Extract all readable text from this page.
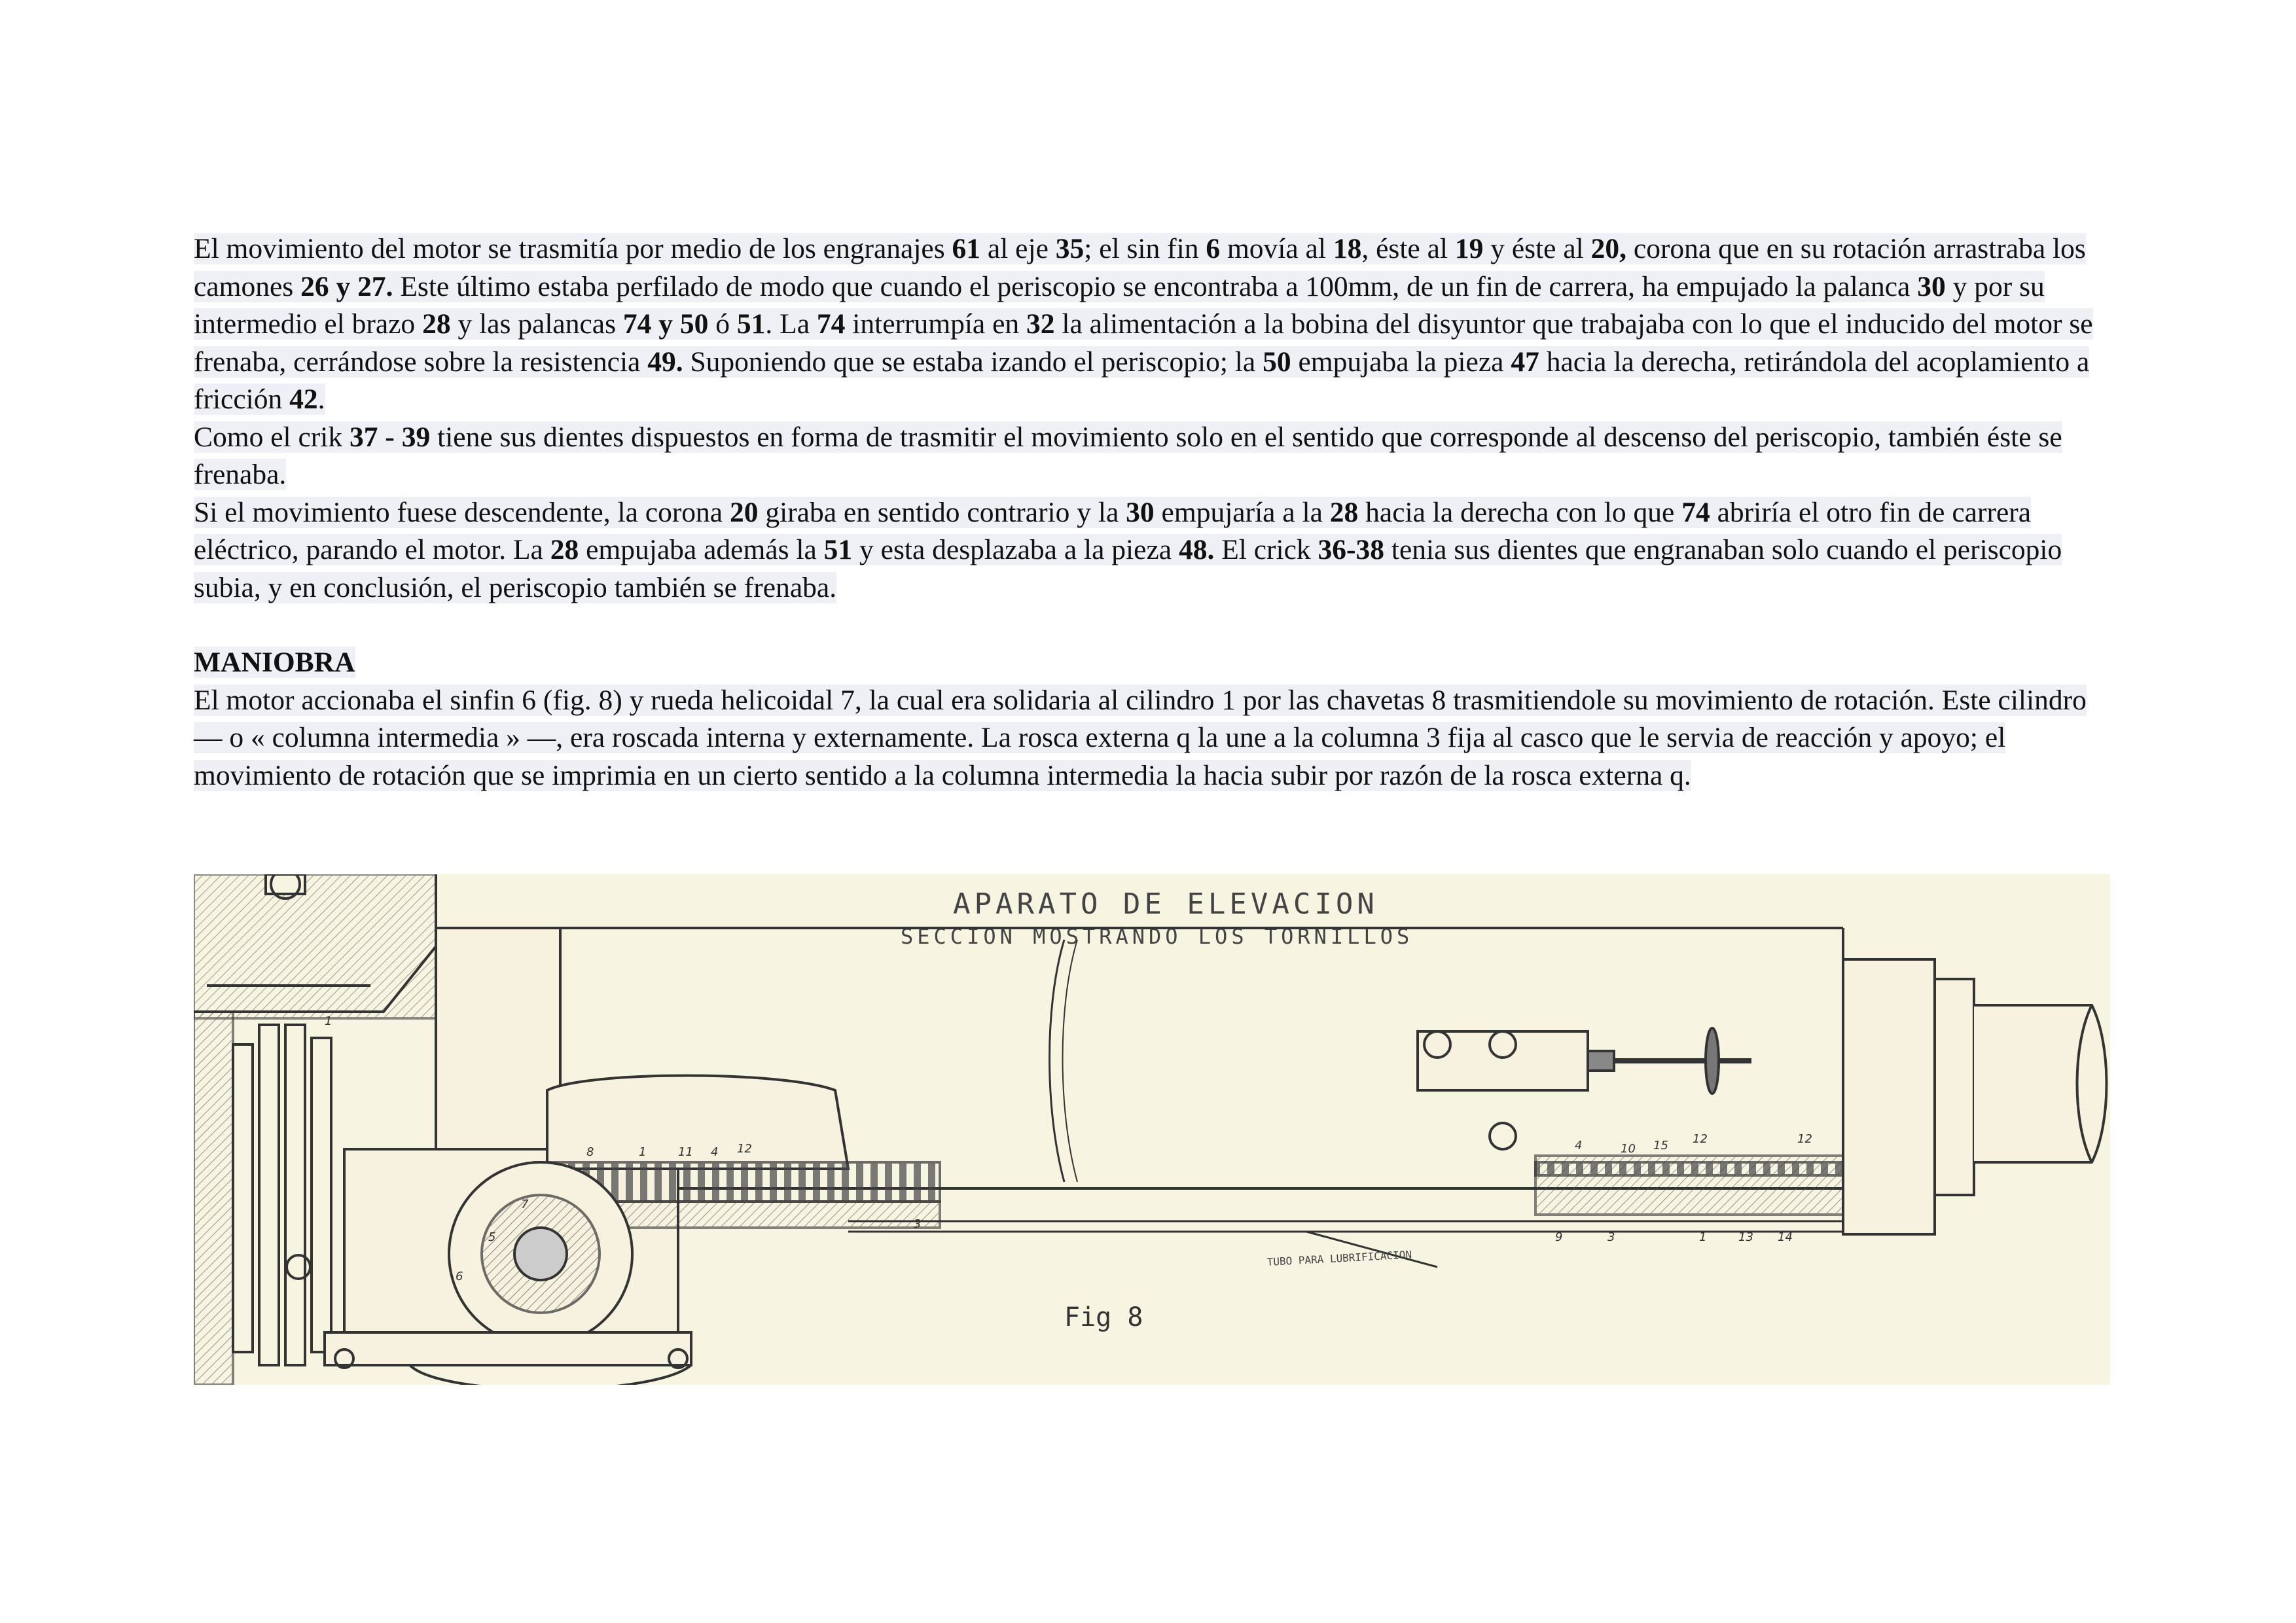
El movimiento del motor se trasmitía por medio de los engranajes 61 al eje 35; el sin fin 6 movía al 18, éste al 19 y éste al 20, corona que en su rotación arrastraba los camones 26 y 27. Este último estaba perfilado de modo que cuando el periscopio se encontraba a 100mm, de un fin de carrera, ha empujado la palanca 30 y por su intermedio el brazo 28 y las palancas 74 y 50 ó 51. La 74 interrumpía en 32 la alimentación a la bobina del disyuntor que trabajaba con lo que el inducido del motor se frenaba, cerrándose sobre la resistencia 49. Suponiendo que se estaba izando el periscopio; la 50 empujaba la pieza 47 hacia la derecha, retirándola del acoplamiento a fricción 42.

Como el crik 37 - 39 tiene sus dientes dispuestos en forma de trasmitir el movimiento solo en el sentido que corresponde al descenso del periscopio, también éste se frenaba.

Si el movimiento fuese descendente, la corona 20 giraba en sentido contrario y la 30 empujaría a la 28 hacia la derecha con lo que 74 abriría el otro fin de carrera eléctrico, parando el motor. La 28 empujaba además la 51 y esta desplazaba a la pieza 48. El crick 36-38 tenia sus dientes que engranaban solo cuando el periscopio subia, y en conclusión, el periscopio también se frenaba.

MANIOBRA

El motor accionaba el sinfin 6 (fig. 8) y rueda helicoidal 7, la cual era solidaria al cilindro 1 por las chavetas 8 trasmitiendole su movimiento de rotación. Este cilindro — o « columna intermedia » —, era roscada interna y externamente. La rosca externa q la une a la columna 3 fija al casco que le servia de reacción y apoyo; el movimiento de rotación que se imprimia en un cierto sentido a la columna intermedia la hacia subir por razón de la rosca externa q.

APARATO DE ELEVACION
SECCION MOSTRANDO LOS TORNILLOS
TUBO PARA LUBRIFICACION
Fig 8
1
8	1	11 4 12
7
5
6
3
4	10 15 12	12
9	3	1	13 14
